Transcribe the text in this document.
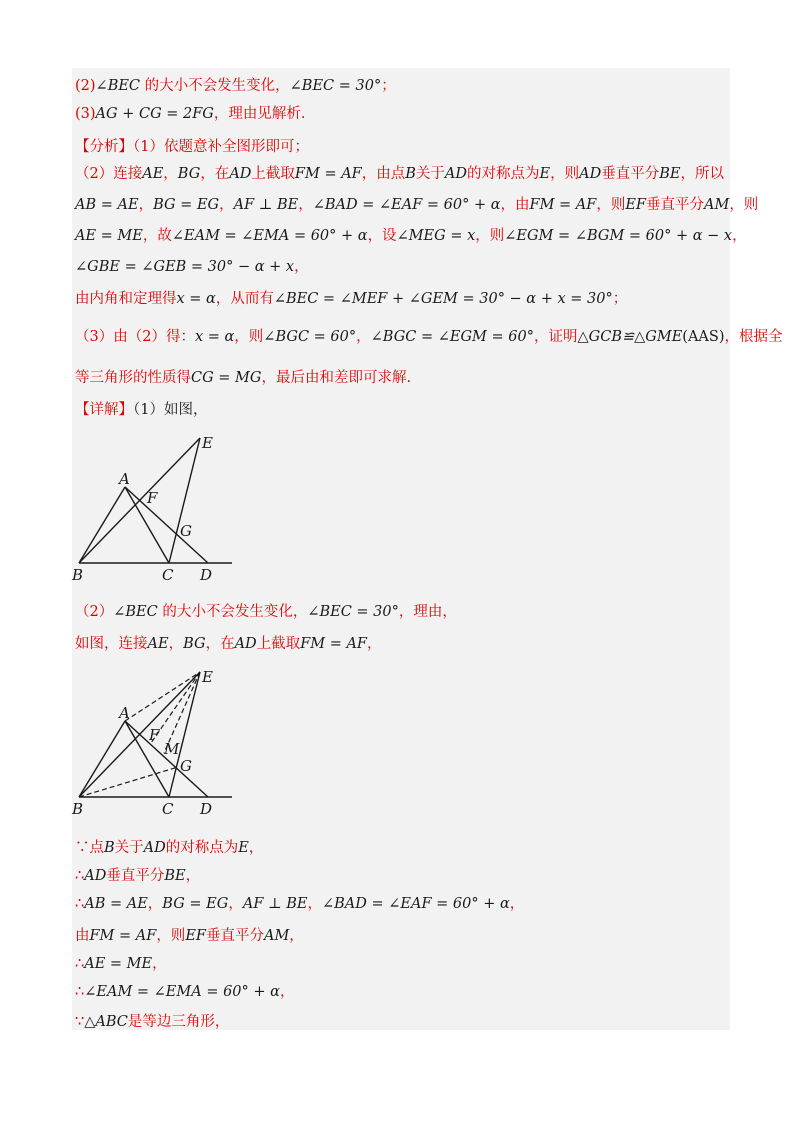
(2)∠BEC 的大小不会发生变化，∠BEC = 30°；
(3)AG + CG = 2FG，理由见解析.
【分析】（1）依题意补全图形即可；
（2）连接AE，BG，在AD上截取FM = AF，由点B关于AD的对称点为E，则AD垂直平分BE，所以
AB = AE，BG = EG，AF ⊥ BE，∠BAD = ∠EAF = 60° + α，由FM = AF，则EF垂直平分AM，则
AE = ME，故∠EAM = ∠EMA = 60° + α，设∠MEG = x，则∠EGM = ∠BGM = 60° + α − x，
∠GBE = ∠GEB = 30° − α + x，
由内角和定理得x = α，从而有∠BEC = ∠MEF + ∠GEM = 30° − α + x = 30°；
（3）由（2）得：x = α，则∠BGC = 60°，∠BGC = ∠EGM = 60°，证明△GCB≌△GME(AAS)，根据全
等三角形的性质得CG = MG，最后由和差即可求解.
【详解】（1）如图，
（2）∠BEC 的大小不会发生变化，∠BEC = 30°，理由，
如图，连接AE，BG，在AD上截取FM = AF，
∵点B关于AD的对称点为E，
∴AD垂直平分BE，
∴AB = AE，BG = EG，AF ⊥ BE，∠BAD = ∠EAF = 60° + α，
由FM = AF，则EF垂直平分AM，
∴AE = ME，
∴∠EAM = ∠EMA = 60° + α，
∵△ABC是等边三角形，
E
A
F
G
B	C D
E
A
F
M
G
B	C D
